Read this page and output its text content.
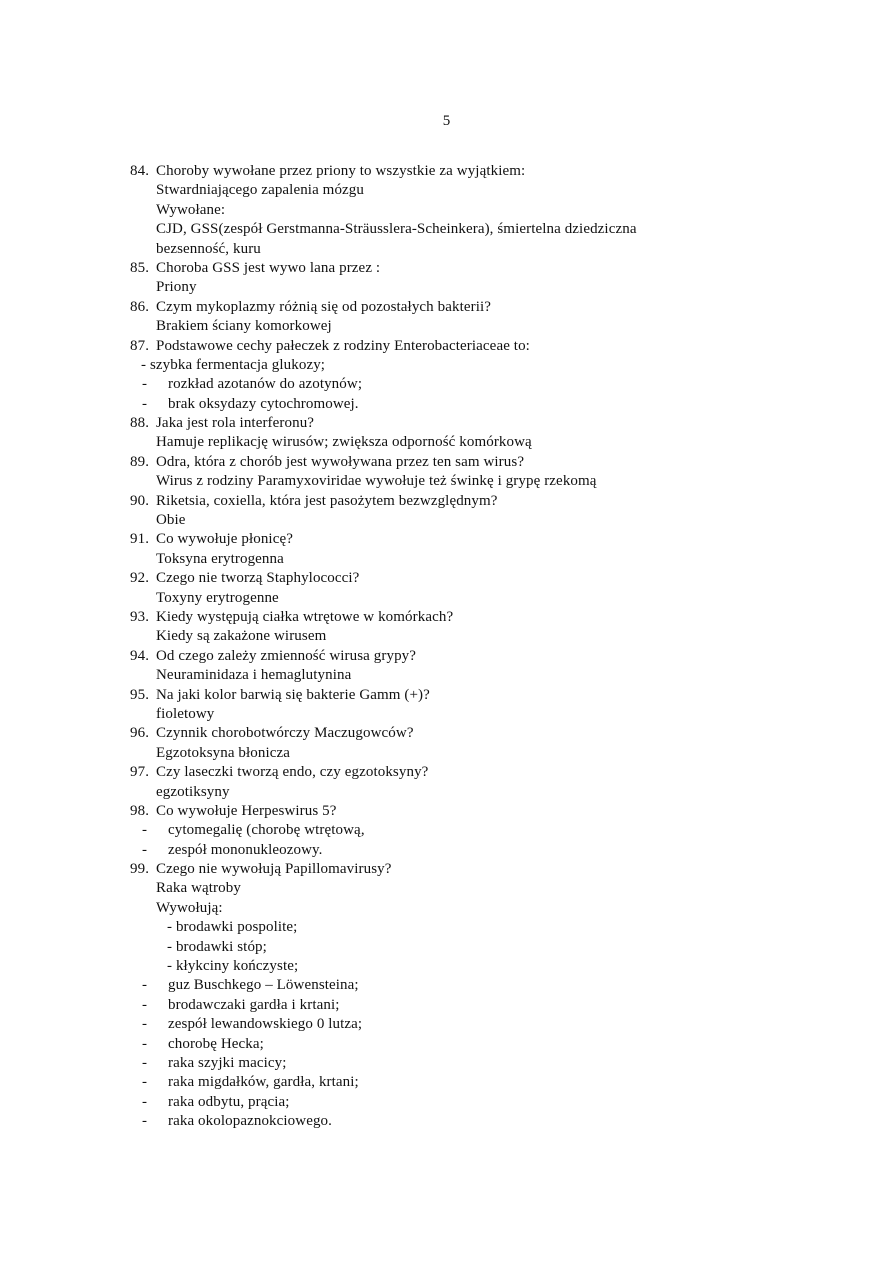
5
84. Choroby wywołane przez priony to wszystkie za wyjątkiem:
Stwardniającego zapalenia mózgu
Wywołane:
CJD, GSS(zespół Gerstmanna-Sträusslera-Scheinkera), śmiertelna dziedziczna
bezsenność, kuru
85. Choroba GSS jest wywo lana przez :
Priony
86. Czym mykoplazmy różnią się od pozostałych bakterii?
Brakiem ściany komorkowej
87. Podstawowe cechy pałeczek z rodziny Enterobacteriaceae to:
- szybka fermentacja glukozy;
- rozkład azotanów do azotynów;
- brak oksydazy cytochromowej.
88. Jaka jest rola interferonu?
Hamuje replikację wirusów; zwiększa odporność komórkową
89. Odra, która z chorób jest wywoływana przez ten sam wirus?
Wirus z rodziny Paramyxoviridae wywołuje też świnkę i grypę rzekomą
90. Riketsia, coxiella, która jest pasożytem bezwzględnym?
Obie
91. Co wywołuje płonicę?
Toksyna erytrogenna
92. Czego nie tworzą Staphylococci?
Toxyny erytrogenne
93. Kiedy występują ciałka wtrętowe w komórkach?
Kiedy są zakażone wirusem
94. Od czego zależy zmienność wirusa grypy?
Neuraminidaza i hemaglutynina
95. Na jaki kolor barwią się bakterie Gamm (+)?
fioletowy
96. Czynnik chorobotwórczy Maczugowców?
Egzotoksyna błonicza
97. Czy laseczki tworzą endo, czy egzotoksyny?
egzotiksyny
98. Co wywołuje Herpeswirus 5?
- cytomegalię (chorobę wtrętową,
- zespół mononukleozowy.
99. Czego nie wywołują Papillomavirusy?
Raka wątroby
Wywołują:
- brodawki pospolite;
- brodawki stóp;
- kłykciny kończyste;
- guz Buschkego – Löwensteina;
- brodawczaki gardła i krtani;
- zespół lewandowskiego 0 lutza;
- chorobę Hecka;
- raka szyjki macicy;
- raka migdałków, gardła, krtani;
- raka odbytu, prącia;
- raka okolopaznokciowego.
